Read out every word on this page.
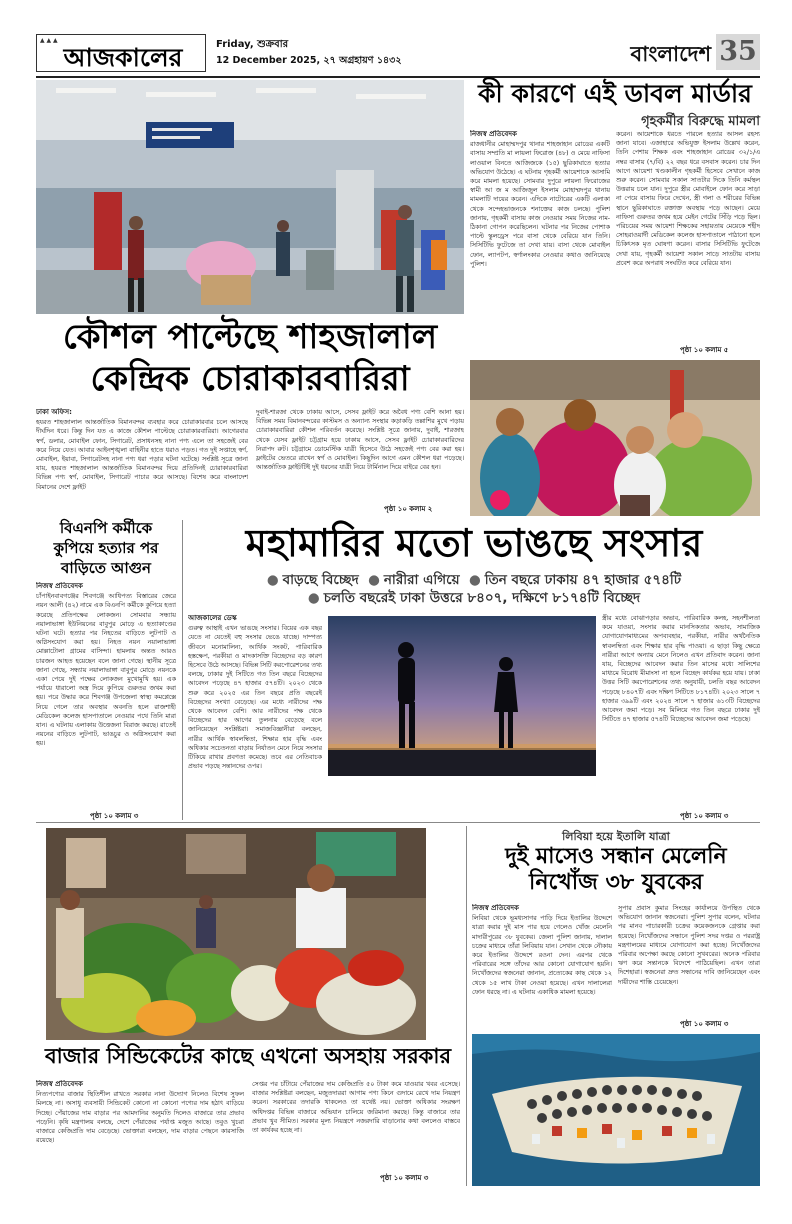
▲ ▲ ▲
আজকালের	Friday, শুক্রবার
12 December 2025, ২৭ অগ্রহায়ণ ১৪৩২	বাংলাদেশ 35
কৌশল পাল্টেছে শাহজালাল
কেন্দ্রিক চোরাকারবারিরা
ঢাকা অফিস:
হযরত শাহজালাল আন্তর্জাতিক বিমানবন্দর ব্যবহার করে চোরাকারবার চলে আসছে দীর্ঘদিন ধরে। কিন্তু দিন যত এ কাজে কৌশল পাল্টেছে চোরাকারবারিরা। আগেরবার স্বর্ণ, ডলার, মোবাইল ফোন, সিগারেট, প্রসাধনসহ নানা পণ্য এলে তা সহজেই বের করে নিয়ে যেত। আবার আইনশৃঙ্খলা বাহিনীর হাতে ধরাও পড়ত। গত দুই সপ্তাহে স্বর্ণ, মোবাইল, ইয়াবা, সিগারেটসহ নানা পণ্য ধরা পড়ার ঘটনা ঘটেছে। সংশ্লিষ্ট সূত্রে জানা যায়, হযরত শাহজালাল আন্তর্জাতিক বিমানবন্দর দিয়ে প্রতিদিনই চোরাকারবারিরা বিভিন্ন পণ্য স্বর্ণ, মোবাইল, সিগারেট পাচার করে আসছে। বিশেষ করে বাংলাদেশ বিমানের দেশে ফ্লাইট
দুবাই-শারজা থেকে ঢাকায় আসে, সেসব ফ্লাইট করে অবৈধ পণ্য বেশি আনা হয়। বিভিন্ন সময় বিমানবন্দরের কাস্টমস ও অন্যান্য সংস্থার কড়াকড়ি তল্লাশির মুখে পড়ায় চোরাকারবারিরা কৌশল পরিবর্তন করেছে। সংশ্লিষ্ট সূত্রে জানায়, দুবাই, শারজাহ থেকে যেসব ফ্লাইট চট্টগ্রাম হয়ে ঢাকায় আসে, সেসব ফ্লাইট চোরাকারবারিদের নিরাপদ রুট। চট্টগ্রামে ডোমেস্টিক যাত্রী হিসেবে উঠে সহজেই পণ্য বের করা হয়। ফ্লাইটের ভেতরে রাখেন স্বর্ণ ও মোবাইল। কিছুদিন আগে এমন কৌশল ধরা পড়েছে। আন্তর্জাতিক ফ্লাইটটিই দুই ধরনের যাত্রী নিয়ে টার্মিনাল দিয়ে বাইরে বের হন।
পৃষ্ঠা ১০ কলাম ২
কী কারণে এই ডাবল মার্ডার
গৃহকর্মীর বিরুদ্ধে মামলা
নিজস্ব প্রতিবেদক
রাজধানীর মোহাম্মদপুর থানার শাহজাহান রোডের একটি বাসায় সম্প্রতি মা লায়লা ফিরোজ (৪৮) ও মেয়ে নাফিসা লাওয়াল বিনতে আজিজকে (১৫) ছুরিকাঘাতে হত্যার অভিযোগ উঠেছে। এ ঘটনায় গৃহকর্মী আয়েশাকে আসামি করে মামলা হয়েছে। সোমবার দুপুরে লায়লা ফিরোজের স্বামী আ জ ম আজিজুল ইসলাম মোহাম্মদপুর থানায় মামলাটি দায়ের করেন। এদিকে নাটোরের একটি এলাকা থেকে সন্দেহভাজনকে শনাক্তের কাজ চলছে। পুলিশ জানায়, গৃহকর্মী বাসায় কাজ নেওয়ার সময় নিজের নাম-ঠিকানা গোপন করেছিলেন। ঘটনার পর নিজের পোশাক পাল্টে স্কুলড্রেস পরে বাসা থেকে বেরিয়ে যান তিনি। সিসিটিভি ফুটেজে তা দেখা যায়। বাসা থেকে মোবাইল ফোন, ল্যাপটপ, স্বর্ণালংকার নেওয়ার কথাও জানিয়েছে পুলিশ।
করেন। আয়েশাকে ধরতে পারলে হত্যার আসল রহস্য জানা যাবে। এজাহারে অভিযুক্ত ইসলাম উল্লেখ করেন, তিনি পেশায় শিক্ষক এবং শাহজাহান রোডের ৩২/১/এ নম্বর বাসায় (৭/বি) ২২ বছর ধরে বসবাস করেন। চার দিন আগে আয়েশা খণ্ডকালীন গৃহকর্মী হিসেবে সেখানে কাজ শুরু করেন। সোমবার সকাল সাতটার দিকে তিনি কর্মস্থল উত্তরায় চলে যান। দুপুরে স্ত্রীর মোবাইলে ফোন করে সাড়া না পেয়ে বাসায় ফিরে দেখেন, স্ত্রী গলা ও শরীরের বিভিন্ন স্থানে ছুরিকাঘাতে রক্তাক্ত অবস্থায় পড়ে আছেন। মেয়ে নাফিসা গুরুতর জখম হয়ে মেইন গেটের সিঁড়ি পড়ে ছিল। পরিচয়ের সময় আয়েশা শিক্ষকের সহায়তায় মেয়েকে শহীদ সোহরাওয়ার্দী মেডিকেল কলেজ হাসপাতালে পাঠানো হলে চিকিৎসক মৃত ঘোষণা করেন। বাসার সিসিটিভি ফুটেজে দেখা যায়, গৃহকর্মী আয়েশা সকাল সাড়ে সাতটায় বাসায় প্রবেশ করে অপরাধ সংঘটিত করে বেরিয়ে যান।
পৃষ্ঠা ১০ কলাম ৫
বিএনপি কর্মীকে
কুপিয়ে হত্যার পর
বাড়িতে আগুন
নিজস্ব প্রতিবেদক
চাঁপাইনবাবগঞ্জের শিবগঞ্জে আধিপত্য বিস্তারের জেরে নয়ন আলী (৪২) নামে এক বিএনপি কর্মীকে কুপিয়ে হত্যা করেছে প্রতিপক্ষের লোকজন। সোমবার সন্ধ্যায় নয়ালাভাঙ্গা ইউনিয়নের বাবুপুর মোড়ে এ হত্যাকাণ্ডের ঘটনা ঘটে। হত্যার পর নিহতের বাড়িতে লুটপাট ও অগ্নিসংযোগ করা হয়। নিহত নয়ন নয়ালাভাঙ্গা মোল্লাটোলা গ্রামের বাসিন্দা। হামলায় অন্তত আরও চারজন আহত হয়েছেন বলে জানা গেছে। স্থানীয় সূত্রে জানা গেছে, সন্ধ্যায় নয়ালাভাঙ্গা বাবুপুর মোড়ে নয়নকে একা পেয়ে দুই পক্ষের লোকজন মুখোমুখি হয়। এক পর্যায়ে ধারালো অস্ত্র দিয়ে কুপিয়ে গুরুতর জখম করা হয়। পরে উদ্ধার করে শিবগঞ্জ উপজেলা স্বাস্থ্য কমপ্লেক্সে নিয়ে গেলে তার অবস্থার অবনতি হলে রাজশাহী মেডিকেল কলেজ হাসপাতালে নেওয়ার পথে তিনি মারা যান। এ ঘটনায় এলাকায় উত্তেজনা বিরাজ করছে। রাতেই নয়নের বাড়িতে লুটপাট, ভাঙচুর ও অগ্নিসংযোগ করা হয়।
পৃষ্ঠা ১০ কলাম ৩
মহামারির মতো ভাঙছে সংসার
● বাড়ছে বিচ্ছেদ ● নারীরা এগিয়ে ● তিন বছরে ঢাকায় ৪৭ হাজার ৫৭৪টি
● চলতি বছরেই ঢাকা উত্তরে ৮৪০৭, দক্ষিণে ৮১৭৪টি বিচ্ছেদ
আজকালের ডেস্ক
গুরুত্ব আস্থাই এখন ভাঙছে সংসার। বিয়ের এক বছর যেতে না যেতেই বহু সংসার ভেঙে যাচ্ছে। দাম্পত্য জীবনে মনোমালিন্য, আর্থিক সংকট, পারিবারিক হস্তক্ষেপ, পরকীয়া ও মাদকাসক্তি বিচ্ছেদের বড় কারণ হিসেবে উঠে আসছে। বিভিন্ন সিটি করপোরেশনের তথ্য বলছে, ঢাকার দুই সিটিতে গত তিন বছরে বিচ্ছেদের আবেদন পড়েছে ৪৭ হাজার ৫৭৪টি। ২০২৩ থেকে শুরু করে ২০২৫ এর তিন বছরে প্রতি বছরেই বিচ্ছেদের সংখ্যা বেড়েছে। এর মধ্যে নারীদের পক্ষ থেকে আবেদন বেশি। আর নারীদের পক্ষ থেকে বিচ্ছেদের হার আগের তুলনায় বেড়েছে বলে জানিয়েছেন সংশ্লিষ্টরা। সমাজবিজ্ঞানীরা বলছেন, নারীর আর্থিক স্বাবলম্বিতা, শিক্ষার হার বৃদ্ধি এবং অধিকার সচেতনতা বাড়ায় নির্যাতন মেনে নিয়ে সংসার টিকিয়ে রাখার প্রবণতা কমেছে। তবে এর নেতিবাচক প্রভাব পড়ছে সন্তানদের ওপর।
স্ত্রীর মধ্যে বোঝাপড়ার অভাব, পারিবারিক কলহ, সহনশীলতা কমে যাওয়া, সংসার করার মানসিকতার অভাব, সামাজিক যোগাযোগমাধ্যমের অপব্যবহার, পরকীয়া, নারীর অর্থনৈতিক স্বাবলম্বিতা এবং শিক্ষার হার বৃদ্ধি পাওয়া। এ ছাড়া কিছু ক্ষেত্রে নারীরা আগে অন্যায় মেনে নিলেও এখন প্রতিবাদ করেন। জানা যায়, বিচ্ছেদের আবেদন করার তিন মাসের মধ্যে সালিশের মাধ্যমে বিরোধ মীমাংসা না হলে বিচ্ছেদ কার্যকর হয়ে যায়। ঢাকা উত্তর সিটি করপোরেশনের তথ্য অনুযায়ী, চলতি বছর আবেদন পড়েছে ৮৪০৭টি এবং দক্ষিণ সিটিতে ৮১৭৪টি। ২০২৩ সালে ৭ হাজার ৩৯৯টি এবং ২০২৪ সালে ৭ হাজার ৬১৩টি বিচ্ছেদের আবেদন জমা পড়ে। সব মিলিয়ে গত তিন বছরে ঢাকার দুই সিটিতে ৪৭ হাজার ৫৭৪টি বিচ্ছেদের আবেদন জমা পড়েছে।
পৃষ্ঠা ১০ কলাম ৩
বাজার সিন্ডিকেটের কাছে এখনো অসহায় সরকার
নিজস্ব প্রতিবেদক
নিত্যপণ্যের বাজার স্থিতিশীল রাখতে সরকার নানা উদ্যোগ নিলেও বিশেষ সুফল মিলছে না। অসাধু ব্যবসায়ী সিন্ডিকেট কোনো না কোনো পণ্যের দাম হঠাৎ বাড়িয়ে দিচ্ছে। পেঁয়াজের দাম বাড়ার পর আমদানির অনুমতি দিলেও বাজারে তার প্রভাব পড়েনি। কৃষি মন্ত্রণালয় বলছে, দেশে পেঁয়াজের পর্যাপ্ত মজুত আছে। তবুও খুচরা বাজারে কেজিপ্রতি দাম বেড়েছে। ভোক্তারা বলছেন, দাম বাড়ার পেছনে কারসাজি রয়েছে।
সেপ্তর পর চাঁটায়ে পেঁয়াজের দাম কেজিপ্রতি ৫০ টাকা কমে যাওয়ার খবর এসেছে। বাজার সংশ্লিষ্টরা বলছেন, মজুতদাররা আগাম পণ্য কিনে গুদামে রেখে দাম নিয়ন্ত্রণ করেন। সরকারের তদারকি থাকলেও তা যথেষ্ট নয়। ভোক্তা অধিকার সংরক্ষণ অধিদপ্তর বিভিন্ন বাজারে অভিযান চালিয়ে জরিমানা করছে। কিন্তু বাজারে তার প্রভাব খুব সীমিত। সরকার মূল্য নিয়ন্ত্রণে নজরদারি বাড়ানোর কথা বললেও বাস্তবে তা কার্যকর হচ্ছে না।
পৃষ্ঠা ১০ কলাম ৩
লিবিয়া হয়ে ইতালি যাত্রা
দুই মাসেও সন্ধান মেলেনি
নিখোঁজ ৩৮ যুবকের
নিজস্ব প্রতিবেদক
লিবিয়া থেকে ভূমধ্যসাগর পাড়ি দিয়ে ইতালির উদ্দেশে যাত্রা করার দুই মাস পার হয়ে গেলেও খোঁজ মেলেনি মাদারীপুরের ৩৮ যুবকের। জেলা পুলিশ জানায়, দালাল চক্রের মাধ্যমে তাঁরা লিবিয়ায় যান। সেখান থেকে নৌকায় করে ইতালির উদ্দেশে রওনা দেন। এরপর থেকে পরিবারের সঙ্গে তাঁদের আর কোনো যোগাযোগ হয়নি। নিখোঁজদের স্বজনেরা জানান, প্রত্যেকের কাছ থেকে ১২ থেকে ১৫ লাখ টাকা নেওয়া হয়েছে। এখন দালালেরা ফোন ধরছে না। এ ঘটনায় একাধিক মামলা হয়েছে।
সুপার প্রবাস কুমার সিংহের কার্যালয়ে উপস্থিত থেকে অভিযোগ জানান স্বজনেরা। পুলিশ সুপার বলেন, ঘটনার পর মানব পাচারকারী চক্রের কয়েকজনকে গ্রেপ্তার করা হয়েছে। নিখোঁজদের সন্ধানে পুলিশ সদর দপ্তর ও পররাষ্ট্র মন্ত্রণালয়ের মাধ্যমে যোগাযোগ করা হচ্ছে। নিখোঁজদের পরিবার অপেক্ষা করছে কোনো সুখবরের। অনেক পরিবার ঋণ করে সন্তানকে বিদেশে পাঠিয়েছিল। এখন তারা দিশেহারা। স্বজনেরা দ্রুত সন্ধানের দাবি জানিয়েছেন এবং দায়ীদের শাস্তি চেয়েছেন।
পৃষ্ঠা ১০ কলাম ৩
